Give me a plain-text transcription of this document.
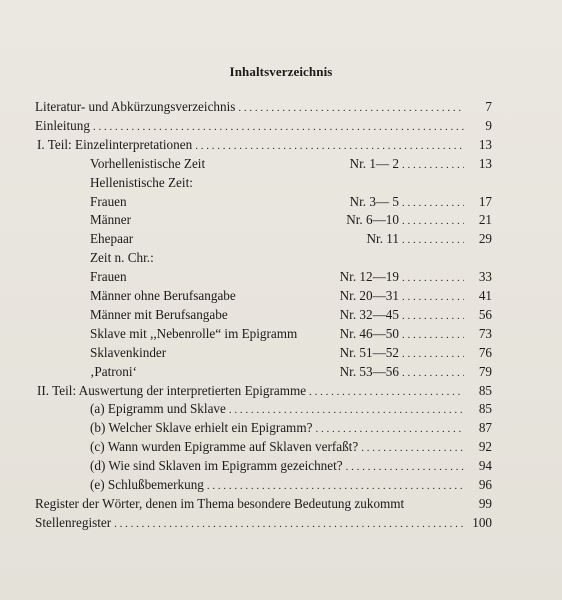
Inhaltsverzeichnis
Literatur- und Abkürzungsverzeichnis . . .	7
Einleitung . . .	9
I. Teil: Einzelinterpretationen . . .	13
Vorhellenistische Zeit	Nr. 1— 2 . . .	13
Hellenistische Zeit:
Frauen	Nr. 3— 5 . . .	17
Männer	Nr. 6—10 . . .	21
Ehepaar	Nr. 11 . . .	29
Zeit n. Chr.:
Frauen	Nr. 12—19 . . .	33
Männer ohne Berufsangabe	Nr. 20—31 . . .	41
Männer mit Berufsangabe	Nr. 32—45 . . .	56
Sklave mit ,,Nebenrolle“ im Epigramm	Nr. 46—50 . . .	73
Sklavenkinder	Nr. 51—52 . . .	76
‚Patroni‘	Nr. 53—56 . . .	79
II. Teil: Auswertung der interpretierten Epigramme . . .	85
(a) Epigramm und Sklave . . .	85
(b) Welcher Sklave erhielt ein Epigramm? . . .	87
(c) Wann wurden Epigramme auf Sklaven verfaßt? . . .	92
(d) Wie sind Sklaven im Epigramm gezeichnet? . . .	94
(e) Schlußbemerkung . . .	96
Register der Wörter, denen im Thema besondere Bedeutung zukommt	99
Stellenregister . . .	100
